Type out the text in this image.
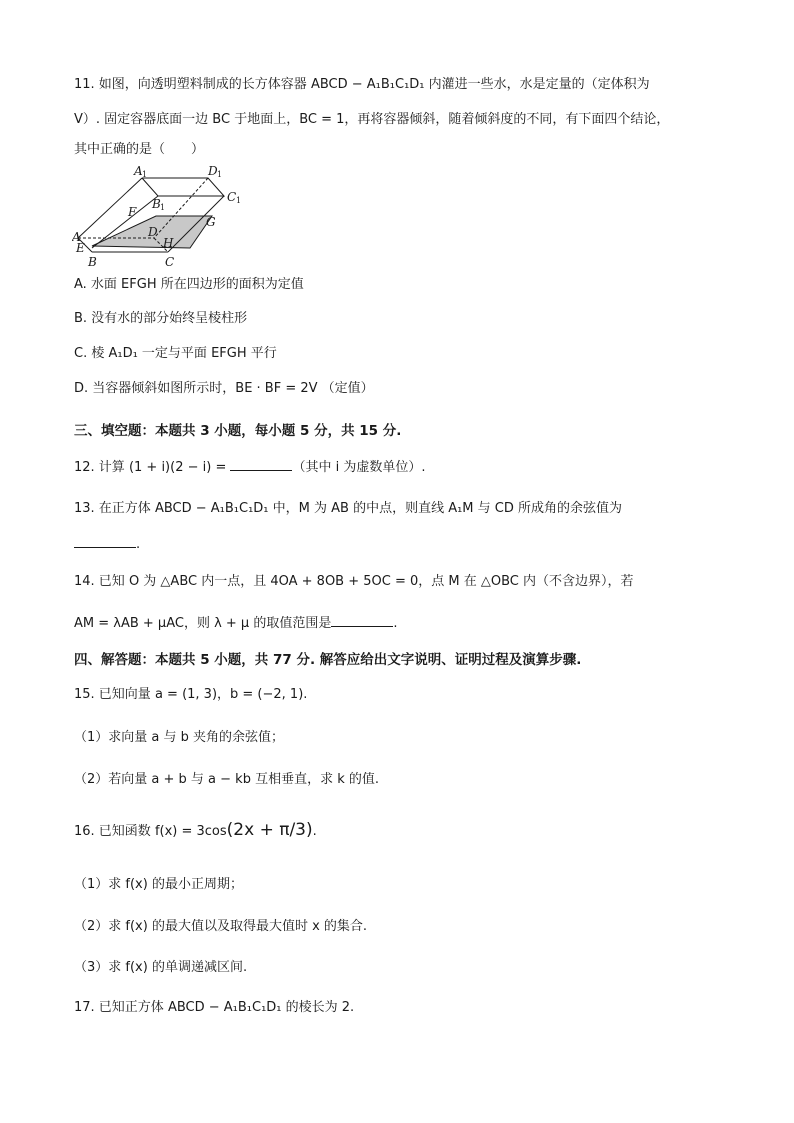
11. 如图，向透明塑料制成的长方体容器 ABCD − A₁B₁C₁D₁ 内灌进一些水，水是定量的（定体积为
V）. 固定容器底面一边 BC 于地面上，BC = 1，再将容器倾斜，随着倾斜度的不同，有下面四个结论，
其中正确的是（　　）
A 1	D 1
C 1
B 1
F
G
D
H
A
E
B	C
A. 水面 EFGH 所在四边形的面积为定值
B. 没有水的部分始终呈棱柱形
C. 棱 A₁D₁ 一定与平面 EFGH 平行
D. 当容器倾斜如图所示时，BE · BF = 2V （定值）
三、填空题：本题共 3 小题，每小题 5 分，共 15 分.
12. 计算 (1 + i)(2 − i) =	（其中 i 为虚数单位）.
13. 在正方体 ABCD − A₁B₁C₁D₁ 中，M 为 AB 的中点，则直线 A₁M 与 CD 所成角的余弦值为
.
14. 已知 O 为 △ABC 内一点，且 4OA + 8OB + 5OC = 0，点 M 在 △OBC 内（不含边界），若
AM = λAB + μAC，则 λ + μ 的取值范围是	.
四、解答题：本题共 5 小题，共 77 分. 解答应给出文字说明、证明过程及演算步骤.
15. 已知向量 a = (1, 3)，b = (−2, 1).
（1）求向量 a 与 b 夹角的余弦值；
（2）若向量 a + b 与 a − kb 互相垂直，求 k 的值.
16. 已知函数 f(x) = 3cos(2x + π/3).
（1）求 f(x) 的最小正周期；
（2）求 f(x) 的最大值以及取得最大值时 x 的集合.
（3）求 f(x) 的单调递减区间.
17. 已知正方体 ABCD − A₁B₁C₁D₁ 的棱长为 2.
